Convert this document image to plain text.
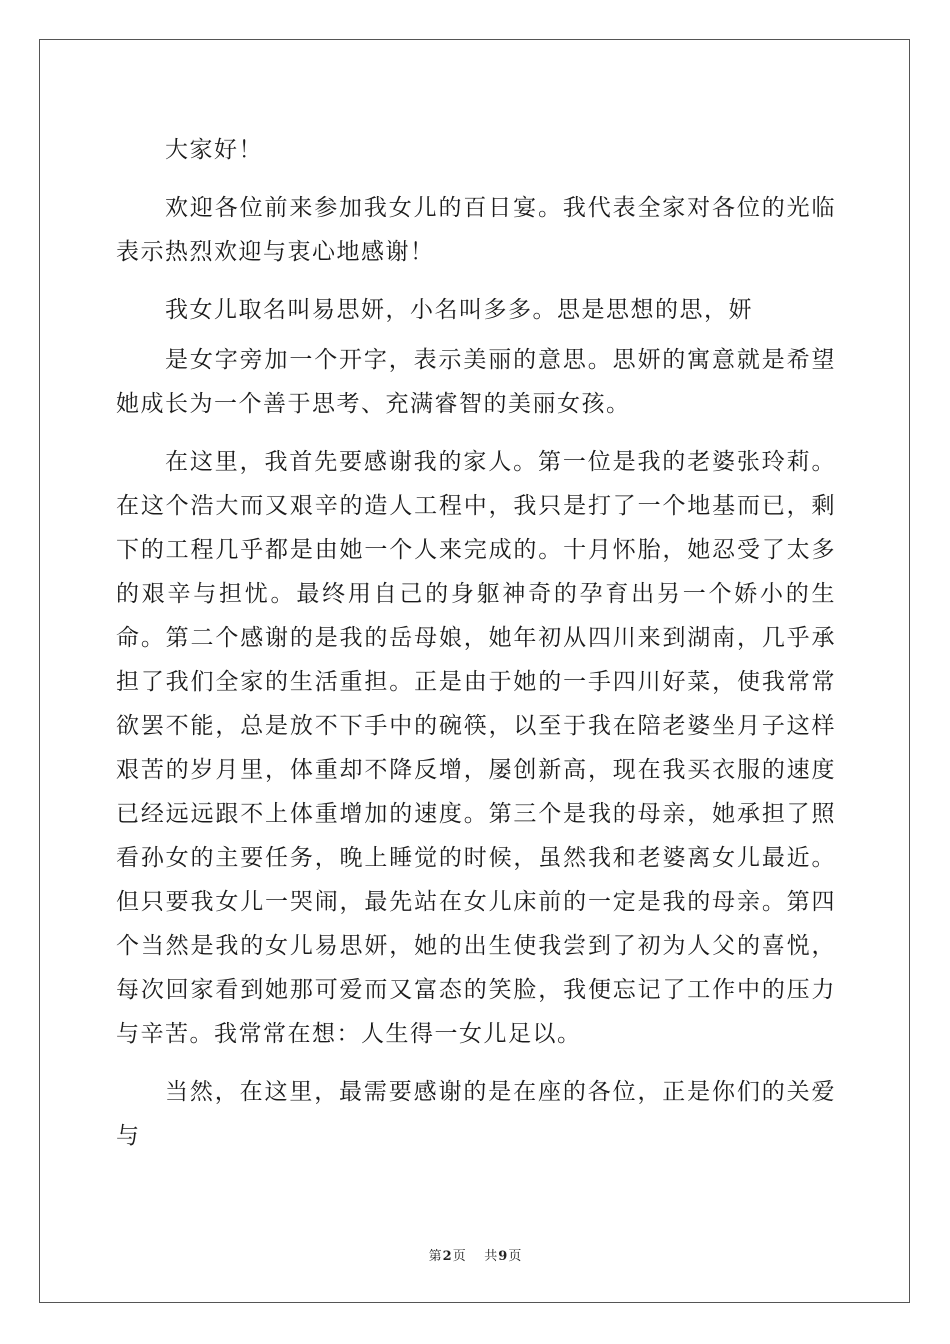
大家好！

欢迎各位前来参加我女儿的百日宴。我代表全家对各位的光临表示热烈欢迎与衷心地感谢！

我女儿取名叫易思妍，小名叫多多。思是思想的思，妍

是女字旁加一个开字，表示美丽的意思。思妍的寓意就是希望她成长为一个善于思考、充满睿智的美丽女孩。

在这里，我首先要感谢我的家人。第一位是我的老婆张玲莉。在这个浩大而又艰辛的造人工程中，我只是打了一个地基而已，剩下的工程几乎都是由她一个人来完成的。十月怀胎，她忍受了太多的艰辛与担忧。最终用自己的身躯神奇的孕育出另一个娇小的生命。第二个感谢的是我的岳母娘，她年初从四川来到湖南，几乎承担了我们全家的生活重担。正是由于她的一手四川好菜，使我常常欲罢不能，总是放不下手中的碗筷，以至于我在陪老婆坐月子这样艰苦的岁月里，体重却不降反增，屡创新高，现在我买衣服的速度已经远远跟不上体重增加的速度。第三个是我的母亲，她承担了照看孙女的主要任务，晚上睡觉的时候，虽然我和老婆离女儿最近。但只要我女儿一哭闹，最先站在女儿床前的一定是我的母亲。第四个当然是我的女儿易思妍，她的出生使我尝到了初为人父的喜悦，每次回家看到她那可爱而又富态的笑脸，我便忘记了工作中的压力与辛苦。我常常在想：人生得一女儿足以。

当然，在这里，最需要感谢的是在座的各位，正是你们的关爱与

第2页 共9页
